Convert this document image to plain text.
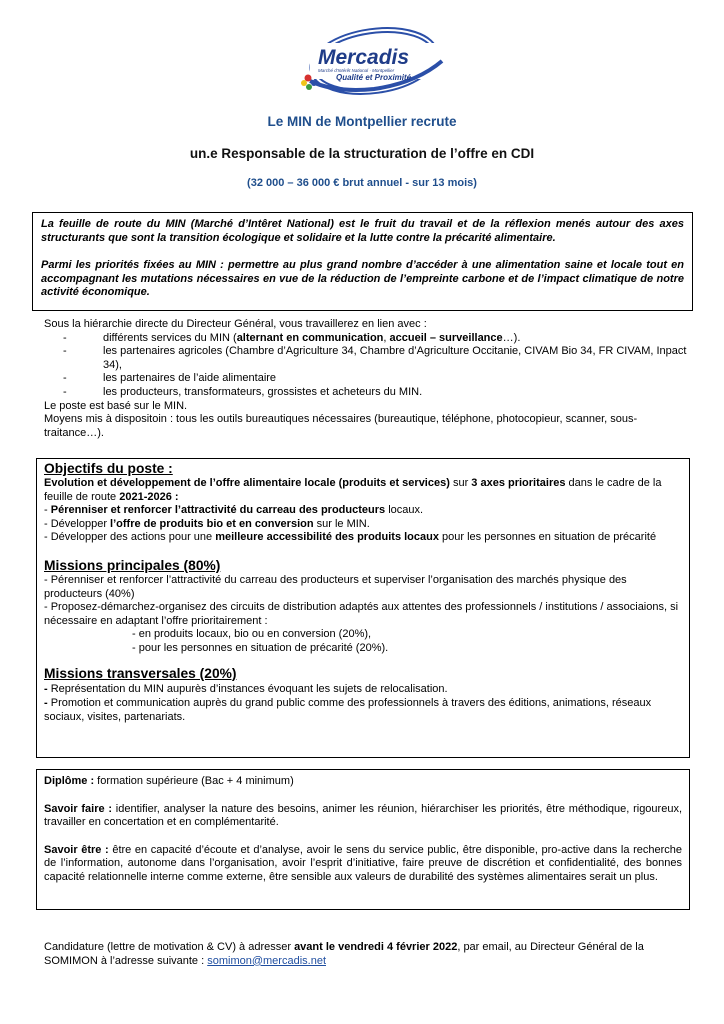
Mercadis
Marché d'Intérêt National · Montpellier
Qualité et Proximité
Le MIN de Montpellier recrute
un.e Responsable de la structuration de l’offre en CDI
(32 000 – 36 000 € brut annuel - sur 13 mois)

La feuille de route du MIN (Marché d’Intêret National) est le fruit du travail et de la réflexion menés autour des axes structurants que sont la transition écologique et solidaire et la lutte contre la précarité alimentaire.

Parmi les priorités fixées au MIN : permettre au plus grand nombre d’accéder à une alimentation saine et locale tout en accompagnant les mutations nécessaires en vue de la réduction de l’empreinte carbone et de l’impact climatique de notre activité économique.

Sous la hiérarchie directe du Directeur Général, vous travaillerez en lien avec :

- différents services du MIN (alternant en communication, accueil – surveillance…).
- les partenaires agricoles (Chambre d’Agriculture 34, Chambre d’Agriculture Occitanie, CIVAM Bio 34, FR CIVAM, Inpact 34),
- les partenaires de l’aide alimentaire
- les producteurs, transformateurs, grossistes et acheteurs du MIN.

Le poste est basé sur le MIN.

Moyens mis à dispositoin : tous les outils bureautiques nécessaires (bureautique, téléphone, photocopieur, scanner, sous-traitance…).

Objectifs du poste :

Evolution et développement de l’offre alimentaire locale (produits et services) sur 3 axes prioritaires dans le cadre de la feuille de route 2021-2026 :

- Pérenniser et renforcer l’attractivité du carreau des producteurs locaux.

- Développer l’offre de produits bio et en conversion sur le MIN.

- Développer des actions pour une meilleure accessibilité des produits locaux pour les personnes en situation de précarité

Missions principales (80%)

- Pérenniser et renforcer l’attractivité du carreau des producteurs et superviser l’organisation des marchés physique des producteurs (40%)

- Proposez-démarchez-organisez des circuits de distribution adaptés aux attentes des professionnels / institutions / associaions, si nécessaire en adaptant l’offre prioritairement :

- en produits locaux, bio ou en conversion (20%),

- pour les personnes en situation de précarité (20%).

Missions transversales (20%)

- Représentation du MIN aupurès d’instances évoquant les sujets de relocalisation.

- Promotion et communication auprès du grand public comme des professionnels à travers des éditions, animations, réseaux sociaux, visites, partenariats.

Diplôme : formation supérieure (Bac + 4 minimum)

Savoir faire : identifier, analyser la nature des besoins, animer les réunion, hiérarchiser les priorités, être méthodique, rigoureux, travailler en concertation et en complémentarité.

Savoir être : être en capacité d’écoute et d’analyse, avoir le sens du service public, être disponible, pro-active dans la recherche de l’information, autonome dans l’organisation, avoir l’esprit d’initiative, faire preuve de discrétion et confidentialité, des bonnes capacité relationnelle interne comme externe, être sensible aux valeurs de durabilité des systèmes alimentaires serait un plus.

Candidature (lettre de motivation & CV) à adresser avant le vendredi 4 février 2022, par email, au Directeur Général de la SOMIMON à l’adresse suivante : somimon@mercadis.net
